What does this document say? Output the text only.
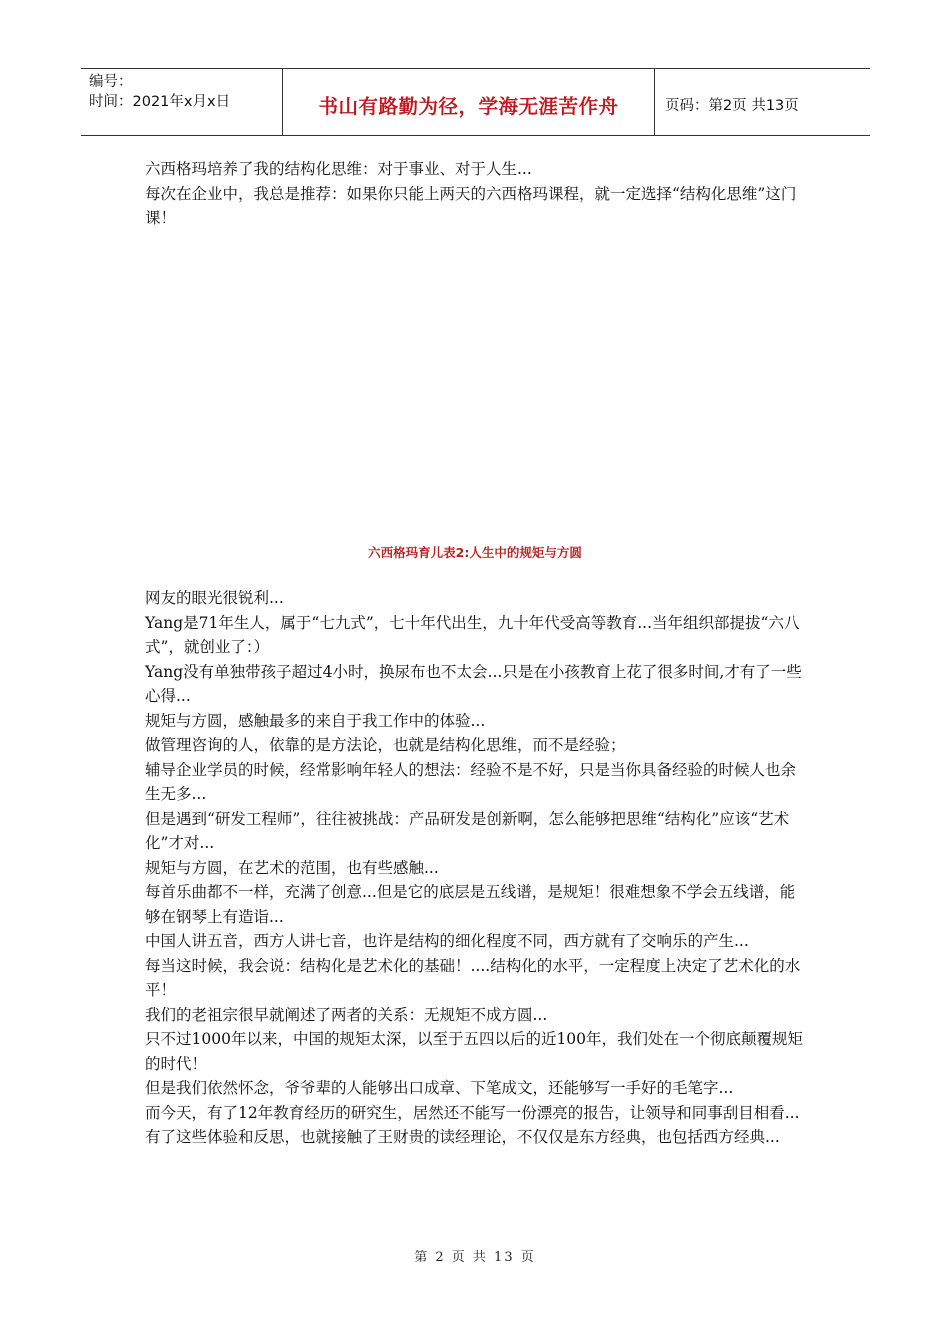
编号：
时间：2021年x月x日	书山有路勤为径，学海无涯苦作舟	页码：第2页 共13页

六西格玛培养了我的结构化思维：对于事业、对于人生...

每次在企业中，我总是推荐：如果你只能上两天的六西格玛课程，就一定选择“结构化思维”这门课！

六西格玛育儿表2:人生中的规矩与方圆

网友的眼光很锐利...

Yang是71年生人，属于“七九式”，七十年代出生，九十年代受高等教育...当年组织部提拔“六八式”，就创业了：）

Yang没有单独带孩子超过4小时，换尿布也不太会...只是在小孩教育上花了很多时间,才有了一些心得...

规矩与方圆，感触最多的来自于我工作中的体验...

做管理咨询的人，依靠的是方法论，也就是结构化思维，而不是经验；

辅导企业学员的时候，经常影响年轻人的想法：经验不是不好，只是当你具备经验的时候人也余生无多...

但是遇到“研发工程师”，往往被挑战：产品研发是创新啊，怎么能够把思维“结构化”应该“艺术化”才对...

规矩与方圆，在艺术的范围，也有些感触...

每首乐曲都不一样，充满了创意...但是它的底层是五线谱，是规矩！很难想象不学会五线谱，能够在钢琴上有造诣...

中国人讲五音，西方人讲七音，也许是结构的细化程度不同，西方就有了交响乐的产生...

每当这时候，我会说：结构化是艺术化的基础！....结构化的水平，一定程度上决定了艺术化的水平！

我们的老祖宗很早就阐述了两者的关系：无规矩不成方圆...

只不过1000年以来，中国的规矩太深，以至于五四以后的近100年，我们处在一个彻底颠覆规矩的时代！

但是我们依然怀念，爷爷辈的人能够出口成章、下笔成文，还能够写一手好的毛笔字...

而今天，有了12年教育经历的研究生，居然还不能写一份漂亮的报告，让领导和同事刮目相看...

有了这些体验和反思，也就接触了王财贵的读经理论，不仅仅是东方经典，也包括西方经典...

第 2 页 共 13 页
